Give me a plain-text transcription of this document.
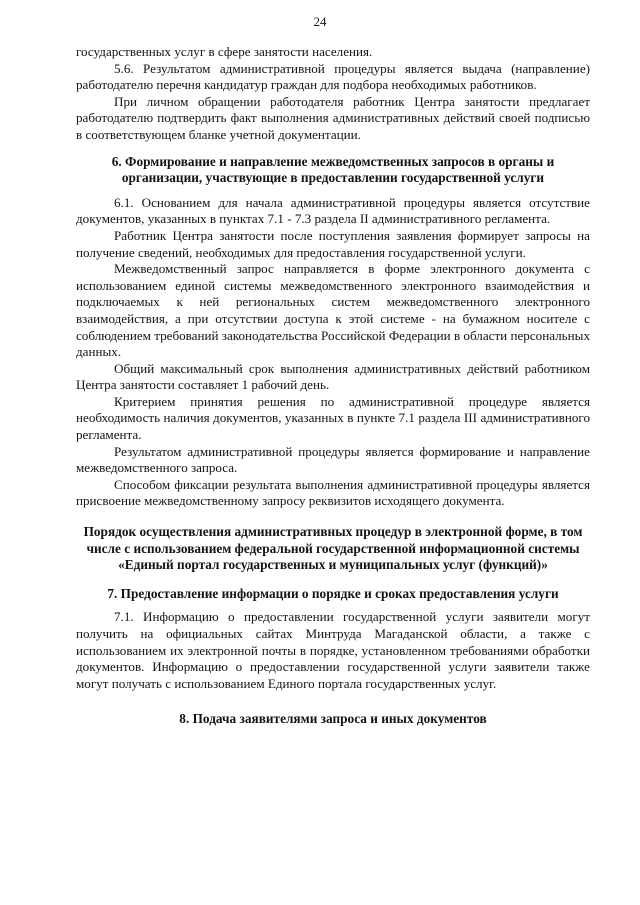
24

государственных услуг в сфере занятости населения.

5.6. Результатом административной процедуры является выдача (направление) работодателю перечня кандидатур граждан для подбора необходимых работников.

При личном обращении работодателя работник Центра занятости предлагает работодателю подтвердить факт выполнения административных действий своей подписью в соответствующем бланке учетной документации.

6. Формирование и направление межведомственных запросов в органы и организации, участвующие в предоставлении государственной услуги

6.1. Основанием для начала административной процедуры является отсутствие документов, указанных в пунктах 7.1 - 7.3 раздела II административного регламента.

Работник Центра занятости после поступления заявления формирует запросы на получение сведений, необходимых для предоставления государственной услуги.

Межведомственный запрос направляется в форме электронного документа с использованием единой системы межведомственного электронного взаимодействия и подключаемых к ней региональных систем межведомственного электронного взаимодействия, а при отсутствии доступа к этой системе - на бумажном носителе с соблюдением требований законодательства Российской Федерации в области персональных данных.

Общий максимальный срок выполнения административных действий работником Центра занятости составляет 1 рабочий день.

Критерием принятия решения по административной процедуре является необходимость наличия документов, указанных в пункте 7.1 раздела III административного регламента.

Результатом административной процедуры является формирование и направление межведомственного запроса.

Способом фиксации результата выполнения административной процедуры является присвоение межведомственному запросу реквизитов исходящего документа.

Порядок осуществления административных процедур в электронной форме, в том числе с использованием федеральной государственной информационной системы «Единый портал государственных и муниципальных услуг (функций)»
7. Предоставление информации о порядке и сроках предоставления услуги

7.1. Информацию о предоставлении государственной услуги заявители могут получить на официальных сайтах Минтруда Магаданской области, а также с использованием их электронной почты в порядке, установленном требованиями обработки документов. Информацию о предоставлении государственной услуги заявители также могут получать с использованием Единого портала государственных услуг.

8. Подача заявителями запроса и иных документов
